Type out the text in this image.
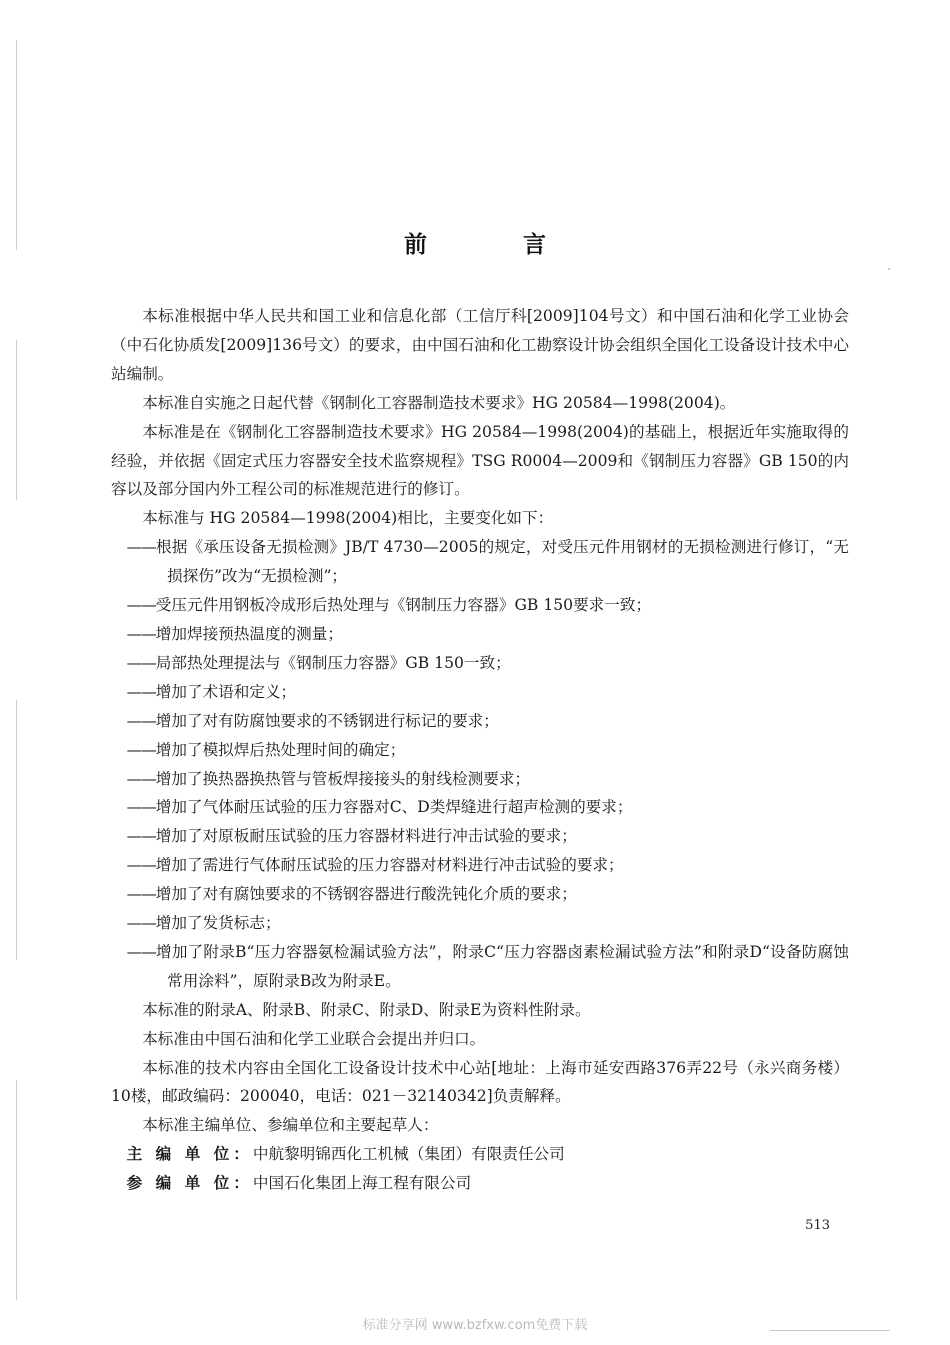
前 言

本标准根据中华人民共和国工业和信息化部（工信厅科[2009]104号文）和中国石油和化学工业协会（中石化协质发[2009]136号文）的要求，由中国石油和化工勘察设计协会组织全国化工设备设计技术中心站编制。

本标准自实施之日起代替《钢制化工容器制造技术要求》HG 20584—1998(2004)。

本标准是在《钢制化工容器制造技术要求》HG 20584—1998(2004)的基础上，根据近年实施取得的经验，并依据《固定式压力容器安全技术监察规程》TSG R0004—2009和《钢制压力容器》GB 150的内容以及部分国内外工程公司的标准规范进行的修订。

本标准与 HG 20584—1998(2004)相比，主要变化如下：

——根据《承压设备无损检测》JB/T 4730—2005的规定，对受压元件用钢材的无损检测进行修订，“无损探伤”改为“无损检测”；
——受压元件用钢板冷成形后热处理与《钢制压力容器》GB 150要求一致；
——增加焊接预热温度的测量；
——局部热处理提法与《钢制压力容器》GB 150一致；
——增加了术语和定义；
——增加了对有防腐蚀要求的不锈钢进行标记的要求；
——增加了模拟焊后热处理时间的确定；
——增加了换热器换热管与管板焊接接头的射线检测要求；
——增加了气体耐压试验的压力容器对C、D类焊缝进行超声检测的要求；
——增加了对原板耐压试验的压力容器材料进行冲击试验的要求；
——增加了需进行气体耐压试验的压力容器对材料进行冲击试验的要求；
——增加了对有腐蚀要求的不锈钢容器进行酸洗钝化介质的要求；
——增加了发货标志；
——增加了附录B“压力容器氨检漏试验方法”，附录C“压力容器卤素检漏试验方法”和附录D“设备防腐蚀常用涂料”，原附录B改为附录E。

本标准的附录A、附录B、附录C、附录D、附录E为资料性附录。

本标准由中国石油和化学工业联合会提出并归口。

本标准的技术内容由全国化工设备设计技术中心站[地址：上海市延安西路376弄22号（永兴商务楼）10楼，邮政编码：200040，电话：021－32140342]负责解释。

本标准主编单位、参编单位和主要起草人：

主 编 单 位：中航黎明锦西化工机械（集团）有限责任公司

参 编 单 位：中国石化集团上海工程有限公司

513
标准分享网 www.bzfxw.com免费下载
